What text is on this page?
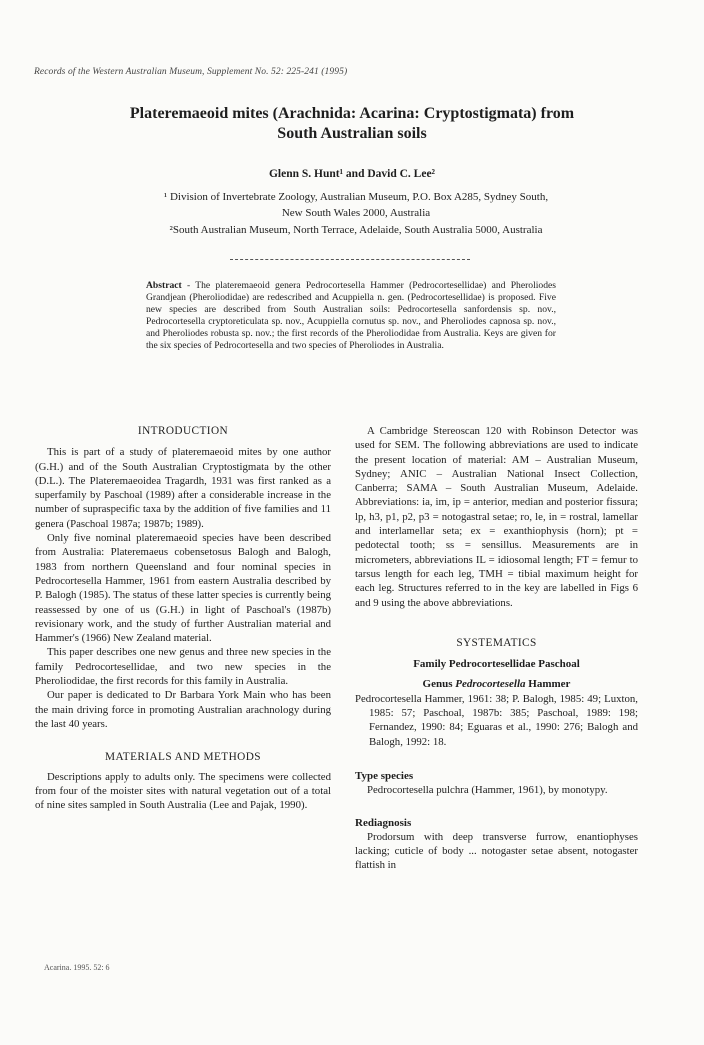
Records of the Western Australian Museum, Supplement No. 52: 225-241 (1995)
Plateremaeoid mites (Arachnida: Acarina: Cryptostigmata) from
South Australian soils
Glenn S. Hunt¹ and David C. Lee²
¹ Division of Invertebrate Zoology, Australian Museum, P.O. Box A285, Sydney South,
New South Wales 2000, Australia
²South Australian Museum, North Terrace, Adelaide, South Australia 5000, Australia
Abstract - The plateremaeoid genera Pedrocortesella Hammer (Pedrocortesellidae) and Pheroliodes Grandjean (Pheroliodidae) are redescribed and Acuppiella n. gen. (Pedrocortesellidae) is proposed. Five new species are described from South Australian soils: Pedrocortesella sanfordensis sp. nov., Pedrocortesella cryptoreticulata sp. nov., Acuppiella cornutus sp. nov., and Pheroliodes capnosa sp. nov., and Pheroliodes robusta sp. nov.; the first records of the Pheroliodidae from Australia. Keys are given for the six species of Pedrocortesella and two species of Pheroliodes in Australia.
INTRODUCTION

This is part of a study of plateremaeoid mites by one author (G.H.) and of the South Australian Cryptostigmata by the other (D.L.). The Plateremaeoidea Tragardh, 1931 was first ranked as a superfamily by Paschoal (1989) after a considerable increase in the number of supraspecific taxa by the addition of five families and 11 genera (Paschoal 1987a; 1987b; 1989).

Only five nominal plateremaeoid species have been described from Australia: Plateremaeus cobensetosus Balogh and Balogh, 1983 from northern Queensland and four nominal species in Pedrocortesella Hammer, 1961 from eastern Australia described by P. Balogh (1985). The status of these latter species is currently being reassessed by one of us (G.H.) in light of Paschoal's (1987b) revisionary work, and the study of further Australian material and Hammer's (1966) New Zealand material.

This paper describes one new genus and three new species in the family Pedrocortesellidae, and two new species in the Pheroliodidae, the first records for this family in Australia.

Our paper is dedicated to Dr Barbara York Main who has been the main driving force in promoting Australian arachnology during the last 40 years.

MATERIALS AND METHODS

Descriptions apply to adults only. The specimens were collected from four of the moister sites with natural vegetation out of a total of nine sites sampled in South Australia (Lee and Pajak, 1990).

A Cambridge Stereoscan 120 with Robinson Detector was used for SEM. The following abbreviations are used to indicate the present location of material: AM – Australian Museum, Sydney; ANIC – Australian National Insect Collection, Canberra; SAMA – South Australian Museum, Adelaide. Abbreviations: ia, im, ip = anterior, median and posterior fissura; lp, h3, p1, p2, p3 = notogastral setae; ro, le, in = rostral, lamellar and interlamellar seta; ex = exanthiophysis (horn); pt = pedotectal tooth; ss = sensillus. Measurements are in micrometers, abbreviations IL = idiosomal length; FT = femur to tarsus length for each leg, TMH = tibial maximum height for each leg. Structures referred to in the key are labelled in Figs 6 and 9 using the above abbreviations.

SYSTEMATICS
Family Pedrocortesellidae Paschoal
Genus Pedrocortesella Hammer

Pedrocortesella Hammer, 1961: 38; P. Balogh, 1985: 49; Luxton, 1985: 57; Paschoal, 1987b: 385; Paschoal, 1989: 198; Fernandez, 1990: 84; Eguaras et al., 1990: 276; Balogh and Balogh, 1992: 18.

Type species

Pedrocortesella pulchra (Hammer, 1961), by monotypy.

Rediagnosis

Prodorsum with deep transverse furrow, enantiophyses lacking; cuticle of body ... notogaster setae absent, notogaster flattish in

Acarina. 1995. 52: 6
